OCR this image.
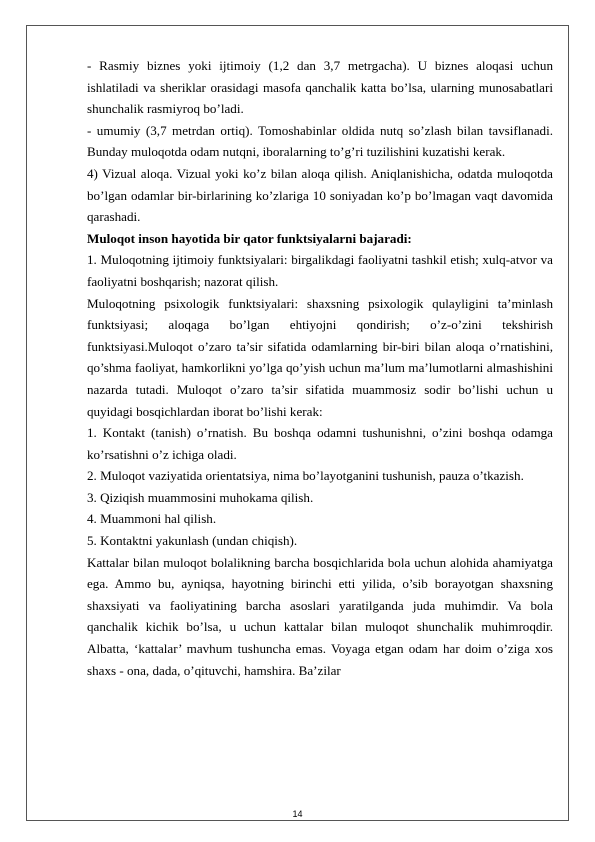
- Rasmiy biznes yoki ijtimoiy (1,2 dan 3,7 metrgacha). U biznes aloqasi uchun ishlatiladi va sheriklar orasidagi masofa qanchalik katta bo’lsa, ularning munosabatlari shunchalik rasmiyroq bo’ladi.

- umumiy (3,7 metrdan ortiq). Tomoshabinlar oldida nutq so’zlash bilan tavsiflanadi. Bunday muloqotda odam nutqni, iboralarning to’g’ri tuzilishini kuzatishi kerak.

4) Vizual aloqa. Vizual yoki ko’z bilan aloqa qilish. Aniqlanishicha, odatda muloqotda bo’lgan odamlar bir-birlarining ko’zlariga 10 soniyadan ko’p bo’lmagan vaqt davomida qarashadi.

Muloqot inson hayotida bir qator funktsiyalarni bajaradi:

1. Muloqotning ijtimoiy funktsiyalari: birgalikdagi faoliyatni tashkil etish; xulq-atvor va faoliyatni boshqarish; nazorat qilish.

Muloqotning psixologik funktsiyalari: shaxsning psixologik qulayligini ta’minlash funktsiyasi; aloqaga bo’lgan ehtiyojni qondirish; o’z-o’zini tekshirish funktsiyasi.Muloqot o’zaro ta’sir sifatida odamlarning bir-biri bilan aloqa o’rnatishini, qo’shma faoliyat, hamkorlikni yo’lga qo’yish uchun ma’lum ma’lumotlarni almashishini nazarda tutadi. Muloqot o’zaro ta’sir sifatida muammosiz sodir bo’lishi uchun u quyidagi bosqichlardan iborat bo’lishi kerak:

1. Kontakt (tanish) o’rnatish. Bu boshqa odamni tushunishni, o’zini boshqa odamga ko’rsatishni o’z ichiga oladi.

2. Muloqot vaziyatida orientatsiya, nima bo’layotganini tushunish, pauza o’tkazish.

3. Qiziqish muammosini muhokama qilish.

4. Muammoni hal qilish.

5. Kontaktni yakunlash (undan chiqish).

Kattalar bilan muloqot bolalikning barcha bosqichlarida bola uchun alohida ahamiyatga ega. Ammo bu, ayniqsa, hayotning birinchi etti yilida, o’sib borayotgan shaxsning shaxsiyati va faoliyatining barcha asoslari yaratilganda juda muhimdir. Va bola qanchalik kichik bo’lsa, u uchun kattalar bilan muloqot shunchalik muhimroqdir. Albatta, ‘kattalar’ mavhum tushuncha emas. Voyaga etgan odam har doim o’ziga xos shaxs - ona, dada, o’qituvchi, hamshira. Ba’zilar

14
